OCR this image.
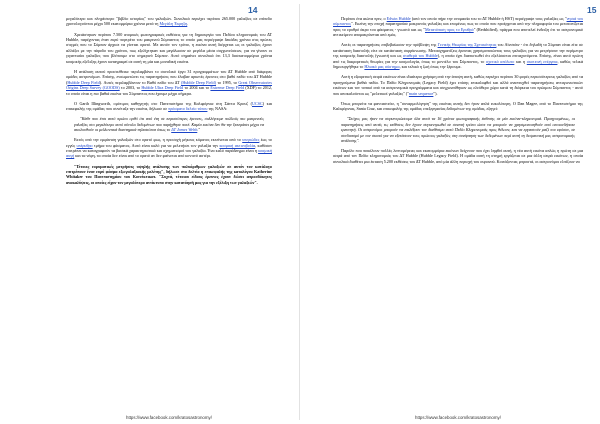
14

μεγαλύτερο και πληρέστερο "βιβλίο ιστορίας" του γαλαξιών. Συνολικά περιέχει περίπου 265.000 γαλαξίες σε επίπεδο χρονολογούνται μέχρι 500 εκατομμύρια χρόνια μετά τη Μεγάλη Έκρηξη.

Χρειάστηκαν περίπου 7.500 ατομικές φωτογραφικές εκθέσεις για τη δημιουργία του Πεδίου κληρονομιάς του ΔΤ Hubble, παρέχοντας έναν ευρύ πορτρέτο του μακρινού Σύμπαντος το οποίο μας περιέγραψε δεκάδες χρόνια στις πρώτες στιγμές που το Σύμπαν άρχισε να γίνεται ορατό. Με αυτόν τον τρόπο, η εικόνα αυτή διέρχεται ως οι γαλαξίες έχουν αλλάξει με την πάροδο του χρόνου, πως εξελίχτηκαν και μεγάλωσαν σε μεγάλα μέσα συγχωνεύσεων, για να γίνουν οι γιγαντιαίοι γαλαξίες που βλέπουμε στο σημερινό Σύμπαν. Αυτό σημαίνει συνολικά ότι 13,3 δισεκατομμύρια χρόνια κοσμικής εξέλιξης έχουν καταγραφεί σε αυτή τη μία και μοναδική εικόνα.

Η ανάλυση αυτού προσιτέθεικε περιλαμβάνει το συνολικό έργο 31 προγραμμάτων του ΔΤ Hubble από διάφορες ομάδες αστρονόμων. Επίσης, ενσωματώνει τις παρατηρήσεις που έλαβαν αρκετές έρευνες στο βαθύ πεδίο του ΔΤ Hubble (Hubble Deep Field). Αυτές περιλαμβάνουν το Βαθύ πεδίο του ΔΤ (Hubble Deep Field) το 1995, το Great Observatories Origins Deep Survey (GOODS) το 2003, το Hubble Ultra Deep Field το 2004 και το Extreme Deep Field (XDF) το 2012, το οποίο είναι η πιο βαθιά εικόνα του Σύμπαντος που έχουμε μέχρι σήμερα.

Ο Garth Illingworth, ομότιμος καθηγητής στο Πανεπιστήμιο της Καλιφόρνια στη Σάντα Κρουζ (UCSC) και επικεφαλής της ομάδας που συνέταξε την εικόνα, δήλωσε σε πρόσφατο δελτίο τύπου της NASA:

"Κάθε που έτσι αυτό πρώτο ορθό ότι από έτη σε περισσότερες έρευνες, συλλέγουμε πολλούς πιο μακρινούς γαλαξίες στο μεγαλύτερο αυτό σύνολο δεδομένων που παρήχθησε ποτέ. Καμία εικόνα δεν θα την ξεπεράσει μέχρι να ακολουθούν οι μελλοντικά διαστημικά τηλεσκόπια όπως το ΔΤ James Webb."

Εκτός από την εμφάνιση γαλαξιών στο ορατό φως, η προσοχή μήκους κύματος εκτείνεται από το υπεριώδες έως το εγγύς υπέρυθρο τμήμα του φάσματος. Αυτό είναι καλό για να μελετήσει τον γαλαξία την κοσμική ακτινοβολία, καθόσον επιτρέπει να καταγραφούν τα βασικά χαρακτηριστικά και σχηματισμοί του γαλαξία. Ένα καλό παράδειγμα είναι η κοσμική αυγή και τα νέφη, τα οποία δεν είναι από το ορατό αν δεν φαίνεται από κοντινό αστέρι.

"Τέτοιες ευρυματικές μετρήσεις υψηλής ανάλυσης των πολυάριθμων γαλαξιών σε αυτόν τον κατάλογο επιτρέπουν έναν ευρύ φάσμα εξωγαλαξιακής μελέτης", δήλωσε στο δελτίο η επικεφαλής της καταλόγου Katherine Whitaker του Πανεπιστημίου του Κοννέκτικατ. "Συχνά, τέτοιου είδους έρευνες έχουν δώσει απροσδόκητες ανακαλύψεις, οι οποίες είχαν τον μεγαλύτερο αντίκτυπο στην κατανόησή μας για την εξέλιξη των γαλαξιών".

https://www.facebook.com/kratosastronomy/
15

Περίπου ένα αιώνα πριν, ο Edwin Hubble (από τον οποίο πήρε την ονομασία του το ΔΤ Hubble ή HST) περιέγραψε τους γαλαξίες ως "νησιά του σύμπαντος". Εκείνη την εποχή παρατηρούσε μακρινούς γαλαξίες και επομένως πως το οποίο που προέρχεται από την πληροφορία του μετατοπίζεται προς το ερυθρό άκρο του φάσματος - γνωστό και ως "Μετατόπιση προς το Ερυθρό" (Redshifted), πράγμα που αποτελεί ένδειξη ότι το αστρονομικό αντικείμενο απομακρύνεται από εμάς.

Αυτές οι παρατηρήσεις επιβεβαίωσαν την πρόβλεψη της Γενικής Θεωρίας της Σχετικότητας του Αϊνστάιν - ότι δηλαδή το Σύμπαν είναι είτε σε κατάσταση διαστολής είτε σε κατάσταση συρρίκνωσης. Μετασχηματίζεις έρευνας χρησιμοποιώντας τους γαλαξίες για να μετρήσουν την περίμετρο της κοσμικής διαστολής (γνωστή και ως σταθερά του Hubble), η οποία έχει διαπιστωθεί ότι εξελίσσεται επιταχυνόμενα. Επίσης, είναι αυτό πρώτη από τις διαφορετικές θεωρίες για την κοσμολογία, όπως το μοντέλο του Σύμπαντος, το σχετικό απόλυτο και η σκοτεινή ενέργεια, καθώς τελικά δημιουργήθηκε το Ηλιακό μας σύστημα, και τελικά η ζωή όπως την ξέρουμε.

Αυτή η εξαιρετική σειρά εικόνων είναι ιδιαίτερα χρήσιμη από την άποψη αυτή, καθώς περιέχει περίπου 30 φορές περισσότερους γαλαξίες από τα προηγούμενα βαθιά πεδία. Το Πεδίο Κληρονομιάς (Legacy Field) έχει επίσης επικαλυφθεί και αλλά αναπτυχθεί παρατηρήσεις ανταγωνιστικών εικόνων και τον τοπικό από τα αστρονομικά προγράμματα και συγχωνεύθηκαν ως ελεύθερο χώρο κατά τη διάρκεια του πρώιμου Σύμπαντος - αυτό που αποκαλούνται ως "μελετικοί γαλαξίες" ("main sequence").

Όπως μπορείτε να φανταστείτε, η "συναρμολόγηση" της εικόνας αυτής δεν ήταν απλά ευκολότερη. Ο Dan Magee, από το Πανεπιστήμιο της Καλιφόρνιας, Santa Cruz, και επικεφαλής της ομάδας επεξεργασίας δεδομένων της ομάδας, εξηγεί:

"Στόχος μας ήταν να συγκεντρώσουμε όλα αυτά τα 16 χρόνια φωτογραφικής έκθεσης σε μία εικόνα-κληρονομιά. Προηγουμένως, οι παρατηρήσεις από αυτές τις εκθέσεις δεν έχουν συγκεντρωθεί σε συνεπή τρόπο ώστε να μπορούν να χρησιμοποιηθούν από οποιονδήποτε ερευνητή. Οι αστρονόμοι μπορούν να επιλέξουν τον διαθέσιμο αυτό Πεδίο Κληρονομιάς προς θέλουν, και να εργαστούν μαζί του εφόσον, σε συνδυασμό με τον σκοπό για να εξετάσουν τους πρώτους γαλαξίες στη συνάρτηση των δεδομένων περί αυτή τη δεσμευτική μας αστρονομικής ανάλυσης".

Παρόλο που ποικίλουν πολλές λεπτομέρειες και εκατομμύρια εικόνων δείχνουν που έχει ληφθεί αυτή, η νέα αυτή εικόνα απλώς η πρώτη σε μια σειρά από τον Πεδίο κληρονομιάς του ΔΤ Hubble (Hubble Legacy Field). Η ομάδα αυτή τη στιγμή εργάζεται σε μια άλλη σειρά εικόνων, η οποία συνολικά διαθέτει μια έκταση 5.200 εκθέσεις του ΔΤ Hubble, από μία άλλη περιοχή του ουρανού. Κοιτάζοντας μπροστά, οι αστρονόμοι ελπίζουν να

https://www.facebook.com/kratosastronomy/
